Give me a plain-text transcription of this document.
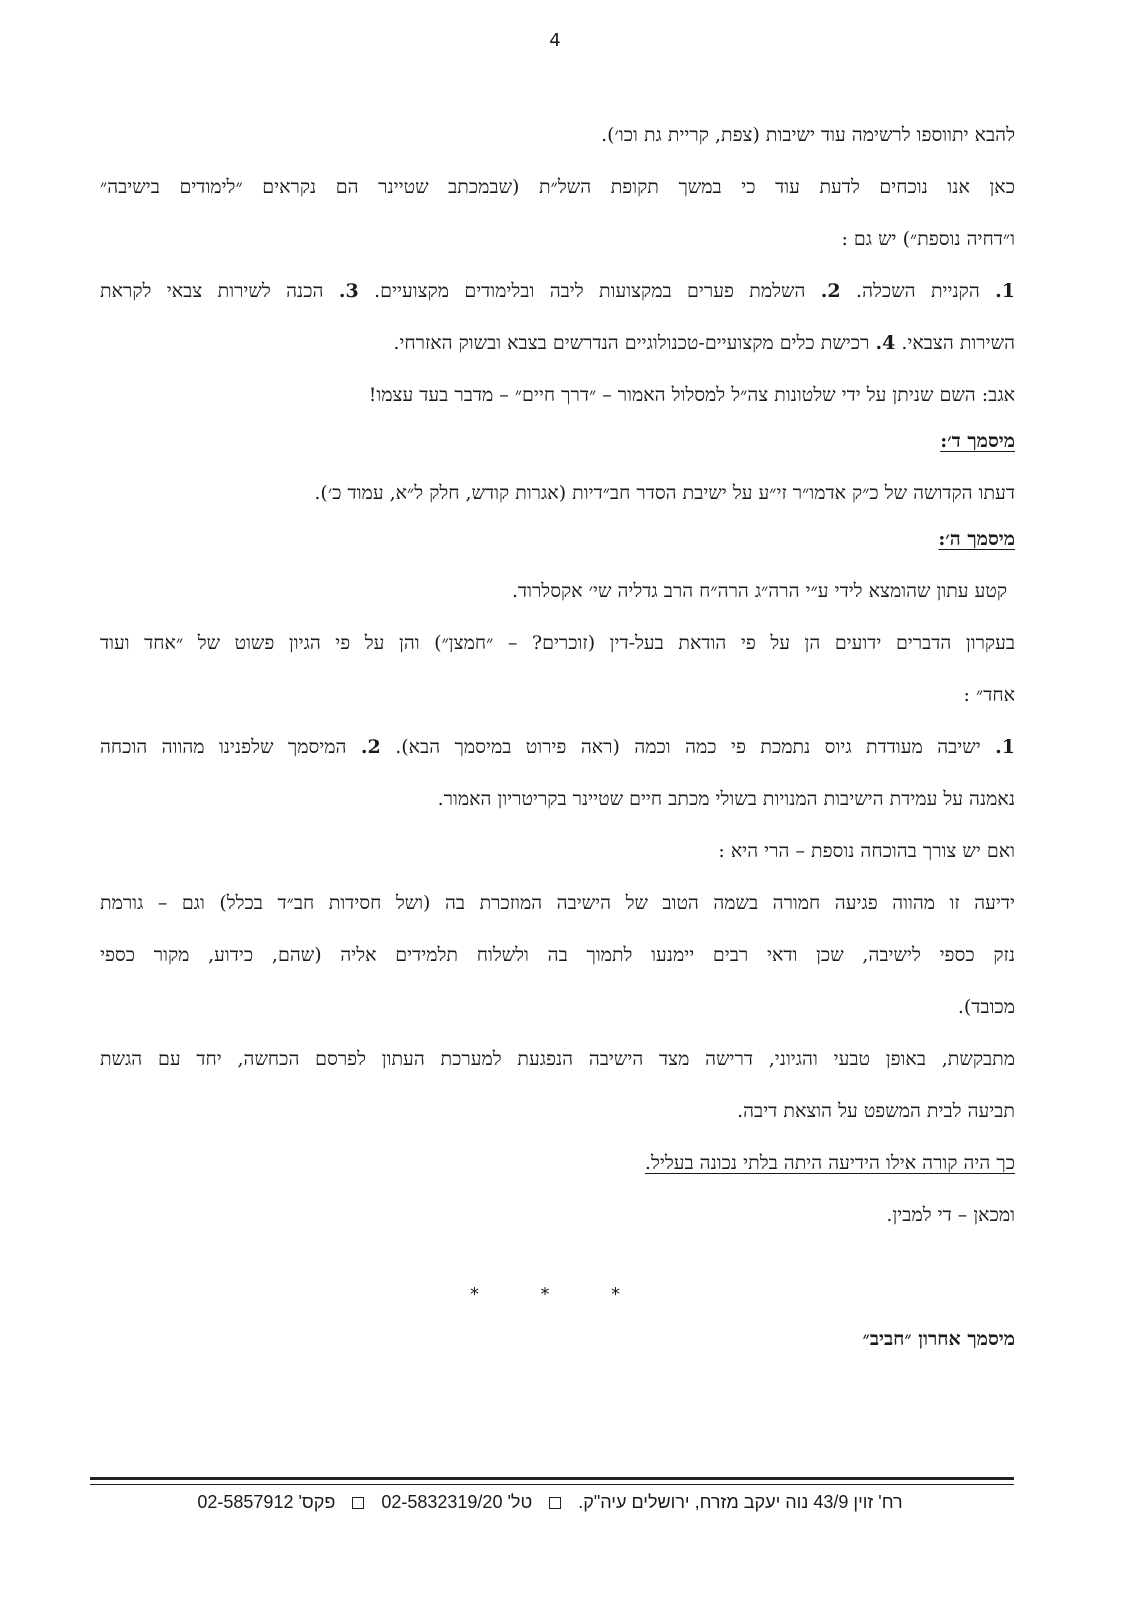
4

להבא יתווספו לרשימה עוד ישיבות (צפת, קריית גת וכו׳).

כאן אנו נוכחים לדעת עוד כי במשך תקופת השל״ת (שבמכתב שטיינר הם נקראים ״לימודים בישיבה״

ו״דחיה נוספת״) יש גם :

1. הקניית השכלה. 2. השלמת פערים במקצועות ליבה ובלימודים מקצועיים. 3. הכנה לשירות צבאי לקראת

השירות הצבאי. 4. רכישת כלים מקצועיים-טכנולוגיים הנדרשים בצבא ובשוק האזרחי.

אגב: השם שניתן על ידי שלטונות צה״ל למסלול האמור – ״דרך חיים״ – מדבר בעד עצמו!

מיסמך ד׳:

דעתו הקדושה של כ״ק אדמו״ר זי״ע על ישיבת הסדר חב״דיות (אגרות קודש, חלק ל״א, עמוד כ׳).

מיסמך ה׳:

קטע עתון שהומצא לידי ע״י הרה״ג הרה״ח הרב גדליה שי׳ אקסלרוד.

בעקרון הדברים ידועים הן על פי הודאת בעל-דין (זוכרים? – ״חמצן״) והן על פי הגיון פשוט של ״אחד ועוד

אחד״ :

1. ישיבה מעודדת גיוס נתמכת פי כמה וכמה (ראה פירוט במיסמך הבא). 2. המיסמך שלפנינו מהווה הוכחה

נאמנה על עמידת הישיבות המנויות בשולי מכתב חיים שטיינר בקריטריון האמור.

ואם יש צורך בהוכחה נוספת – הרי היא :

ידיעה זו מהווה פגיעה חמורה בשמה הטוב של הישיבה המוזכרת בה (ושל חסידות חב״ד בכלל) וגם – גורמת

נזק כספי לישיבה, שכן ודאי רבים יימנעו לתמוך בה ולשלוח תלמידים אליה (שהם, כידוע, מקור כספי

מכובד).

מתבקשת, באופן טבעי והגיוני, דרישה מצד הישיבה הנפגעת למערכת העתון לפרסם הכחשה, יחד עם הגשת

תביעה לבית המשפט על הוצאת דיבה.

כך היה קורה אילו הידיעה היתה בלתי נכונה בעליל.

ומכאן – די למבין.

*	*	*
מיסמך אחרון ״חביב״
רח' זוין 43/9 נוה יעקב מזרח, ירושלים עיה"ק.  טל' 02-5832319/20  פקס' 02-5857912
